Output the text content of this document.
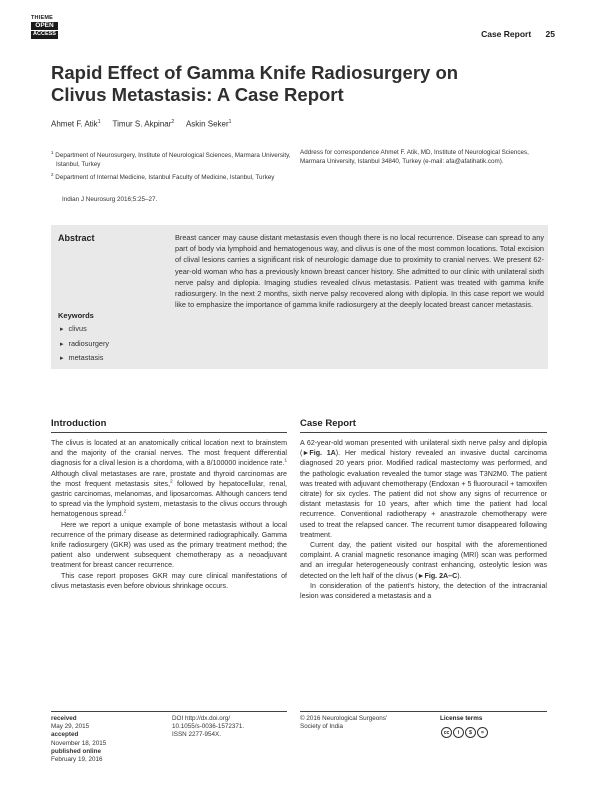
THIEME
OPEN
ACCESS	Case Report 25
Rapid Effect of Gamma Knife Radiosurgery on
Clivus Metastasis: A Case Report
Ahmet F. Atik$^1$ Timur S. Akpinar$^2$ Askin Seker$^1$

$^1$ Department of Neurosurgery, Institute of Neurological Sciences, Marmara University, Istanbul, Turkey

$^2$ Department of Internal Medicine, Istanbul Faculty of Medicine, Istanbul, Turkey

Address for correspondence Ahmet F. Atik, MD, Institute of Neurological Sciences, Marmara University, Istanbul 34840, Turkey (e-mail: afa@afatihatik.com).
Indian J Neurosurg 2016;5:25–27.
Abstract	Breast cancer may cause distant metastasis even though there is no local recurrence. Disease can spread to any part of body via lymphoid and hematogenous way, and clivus is one of the most common locations. Total excision of clival lesions carries a significant risk of neurologic damage due to proximity to cranial nerves. We present 62-year-old woman who has a previously known breast cancer history. She admitted to our clinic with unilateral sixth nerve palsy and diplopia. Imaging studies revealed clivus metastasis. Patient was treated with gamma knife radiosurgery. In the next 2 months, sixth nerve palsy recovered along with diplopia. In this case report we would like to emphasize the importance of gamma knife radiosurgery at the deeply located breast cancer metastasis.

Keywords
▸ clivus
▸ radiosurgery
▸ metastasis
Introduction

The clivus is located at an anatomically critical location next to brainstem and the majority of the cranial nerves. The most frequent differential diagnosis for a clival lesion is a chordoma, with a 8/100000 incidence rate.$^1$ Although clival metastases are rare, prostate and thyroid carcinomas are the most frequent metastasis sites,$^2$ followed by hepatocellular, renal, gastric carcinomas, melanomas, and liposarcomas. Although cancers tend to spread via the lymphoid system, metastasis to the clivus occurs through hematogenous spread.$^2$

Here we report a unique example of bone metastasis without a local recurrence of the primary disease as determined radiographically. Gamma knife radiosurgery (GKR) was used as the primary treatment method; the patient also underwent subsequent chemotherapy as a neoadjuvant treatment for breast cancer recurrence.

This case report proposes GKR may cure clinical manifestations of clivus metastasis even before obvious shrinkage occurs.

Case Report

A 62-year-old woman presented with unilateral sixth nerve palsy and diplopia (►Fig. 1A). Her medical history revealed an invasive ductal carcinoma diagnosed 20 years prior. Modified radical mastectomy was performed, and the pathologic evaluation revealed the tumor stage was T3N2M0. The patient was treated with adjuvant chemotherapy (Endoxan + 5 fluorouracil + tamoxifen citrate) for six cycles. The patient did not show any signs of recurrence or distant metastasis for 10 years, after which time the patient had local recurrence. Conventional radiotherapy + anastrazole chemotherapy were used to treat the relapsed cancer. The recurrent tumor disappeared following treatment.

Current day, the patient visited our hospital with the aforementioned complaint. A cranial magnetic resonance imaging (MRI) scan was performed and an irregular heterogeneously contrast enhancing, osteolytic lesion was detected on the left half of the clivus (►Fig. 2A–C).

In consideration of the patient's history, the detection of the intracranial lesion was considered a metastasis and a

received
May 29, 2015
accepted
November 18, 2015
published online
February 19, 2016
DOI http://dx.doi.org/
10.1055/s-0036-1572371.
ISSN 2277-954X.
© 2016 Neurological Surgeons' Society of India
License terms
cc	i	$	=
